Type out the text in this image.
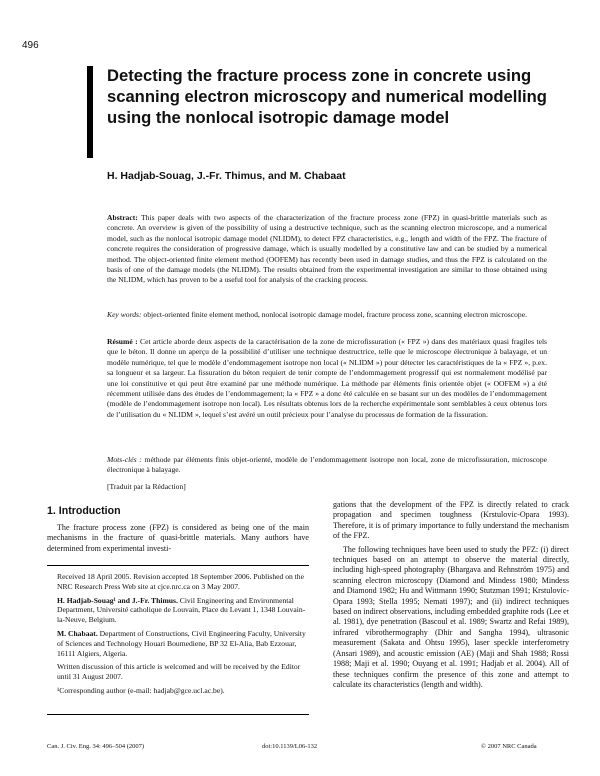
496
Detecting the fracture process zone in concrete using scanning electron microscopy and numerical modelling using the nonlocal isotropic damage model
H. Hadjab-Souag, J.-Fr. Thimus, and M. Chabaat
Abstract: This paper deals with two aspects of the characterization of the fracture process zone (FPZ) in quasi-brittle materials such as concrete. An overview is given of the possibility of using a destructive technique, such as the scanning electron microscope, and a numerical model, such as the nonlocal isotropic damage model (NLIDM), to detect FPZ characteristics, e.g., length and width of the FPZ. The fracture of concrete requires the consideration of progressive damage, which is usually modelled by a constitutive law and can be studied by a numerical method. The object-oriented finite element method (OOFEM) has recently been used in damage studies, and thus the FPZ is calculated on the basis of one of the damage models (the NLIDM). The results obtained from the experimental investigation are similar to those obtained using the NLIDM, which has proven to be a useful tool for analysis of the cracking process.
Key words: object-oriented finite element method, nonlocal isotropic damage model, fracture process zone, scanning electron microscope.
Résumé : Cet article aborde deux aspects de la caractérisation de la zone de microfissuration (« FPZ ») dans des matériaux quasi fragiles tels que le béton. Il donne un aperçu de la possibilité d’utiliser une technique destructrice, telle que le microscope électronique à balayage, et un modèle numérique, tel que le modèle d’endommagement isotrope non local (« NLIDM ») pour détecter les caractéristiques de la « FPZ », p.ex. sa longueur et sa largeur. La fissuration du béton requiert de tenir compte de l’endommagement progressif qui est normalement modélisé par une loi constitutive et qui peut être examiné par une méthode numérique. La méthode par éléments finis orientée objet (« OOFEM ») a été récemment utilisée dans des études de l’endommagement; la « FPZ » a donc été calculée en se basant sur un des modèles de l’endommagement (modèle de l’endommagement isotrope non local). Les résultats obtenus lors de la recherche expérimentale sont semblables à ceux obtenus lors de l’utilisation du « NLIDM », lequel s’est avéré un outil précieux pour l’analyse du processus de formation de la fissuration.
Mots-clés : méthode par éléments finis objet-orienté, modèle de l’endommagement isotrope non local, zone de microfissuration, microscope électronique à balayage.
[Traduit par la Rédaction]
1. Introduction
The fracture process zone (FPZ) is considered as being one of the main mechanisms in the fracture of quasi-brittle materials. Many authors have determined from experimental investi-

Received 18 April 2005. Revision accepted 18 September 2006. Published on the NRC Research Press Web site at cjce.nrc.ca on 3 May 2007.

H. Hadjab-Souag¹ and J.-Fr. Thimus. Civil Engineering and Environmental Department, Université catholique de Louvain, Place du Levant 1, 1348 Louvain-la-Neuve, Belgium.

M. Chabaat. Department of Constructions, Civil Engineering Faculty, University of Sciences and Technology Houari Boumediene, BP 32 El-Alia, Bab Ezzouar, 16111 Algiers, Algeria.

Written discussion of this article is welcomed and will be received by the Editor until 31 August 2007.

¹Corresponding author (e-mail: hadjab@gce.ucl.ac.be).

gations that the development of the FPZ is directly related to crack propagation and specimen toughness (Krstulovic-Opara 1993). Therefore, it is of primary importance to fully understand the mechanism of the FPZ.

The following techniques have been used to study the PFZ: (i) direct techniques based on an attempt to observe the material directly, including high-speed photography (Bhargava and Rehnström 1975) and scanning electron microscopy (Diamond and Mindess 1980; Mindess and Diamond 1982; Hu and Wittmann 1990; Stutzman 1991; Krstulovic-Opara 1993; Stella 1995; Nemati 1997); and (ii) indirect techniques based on indirect observations, including embedded graphite rods (Lee et al. 1981), dye penetration (Bascoul et al. 1989; Swartz and Refai 1989), infrared vibrothermography (Dhir and Sangha 1994), ultrasonic measurement (Sakata and Ohtsu 1995), laser speckle interferometry (Ansari 1989), and acoustic emission (AE) (Maji and Shah 1988; Rossi 1988; Maji et al. 1990; Ouyang et al. 1991; Hadjab et al. 2004). All of these techniques confirm the presence of this zone and attempt to calculate its characteristics (length and width).

Can. J. Civ. Eng. 34: 496–504 (2007)	doi:10.1139/L06-132	© 2007 NRC Canada
